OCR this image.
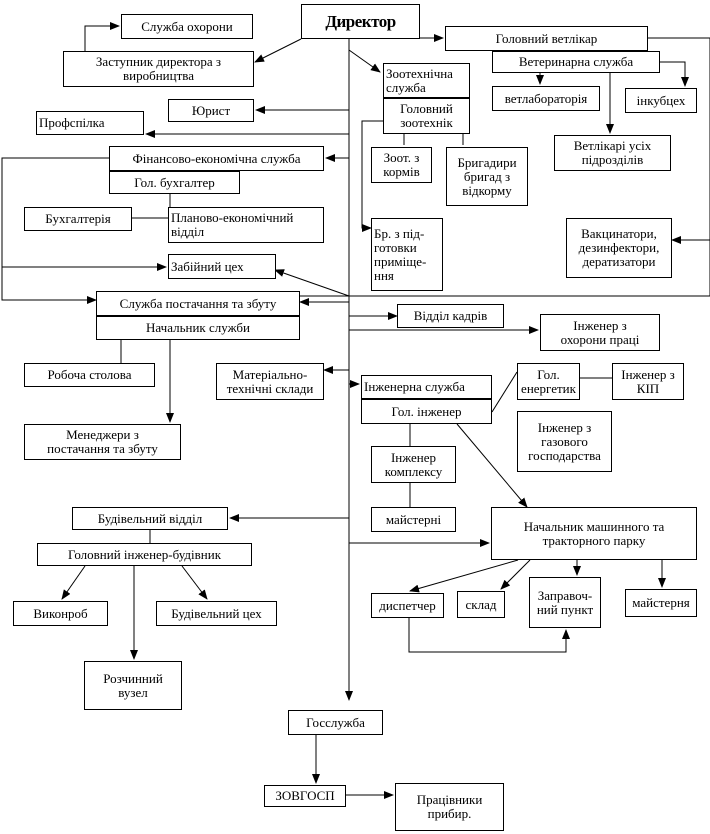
Директор
Служба охорони
Заступник директора з
виробництва
Головний ветлікар
Ветеринарна служба
ветлабораторія	інкубцех
Зоотехнічна
служба
Головний
зоотехнік
Юрист
Профспілка
Ветлікарі усіх
підрозділів
Фінансово-економічна служба
Гол. бухгалтер
Зоот. з
кормів
Бригадири
бригад з
відкорму
Бухгалтерія	Планово-економічний
відділ	Бр. з під-
готовки
приміще-
ння
Вакцинатори,
дезинфектори,
дератизатори
Забійний цех
Служба постачання та збуту
Начальник служби
Відділ кадрів
Інженер з
охорони праці
Робоча столова	Матеріально-
технічні склади	Інженерна служба
Гол. інженер
Гол.
енергетик
Інженер з
КІП
Менеджери з
постачання та збуту
Інженер з
газового
господарства
Інженер
комплексу
майстерні
Будівельний відділ
Начальник машинного та
тракторного парку
Головний інженер-будівник
Заправоч-
ний пункт
диспетчер	склад	майстерня
Виконроб	Будівельний цех
Розчинний
вузел
Госслужба
ЗОВГОСП	Працівники
прибир.
